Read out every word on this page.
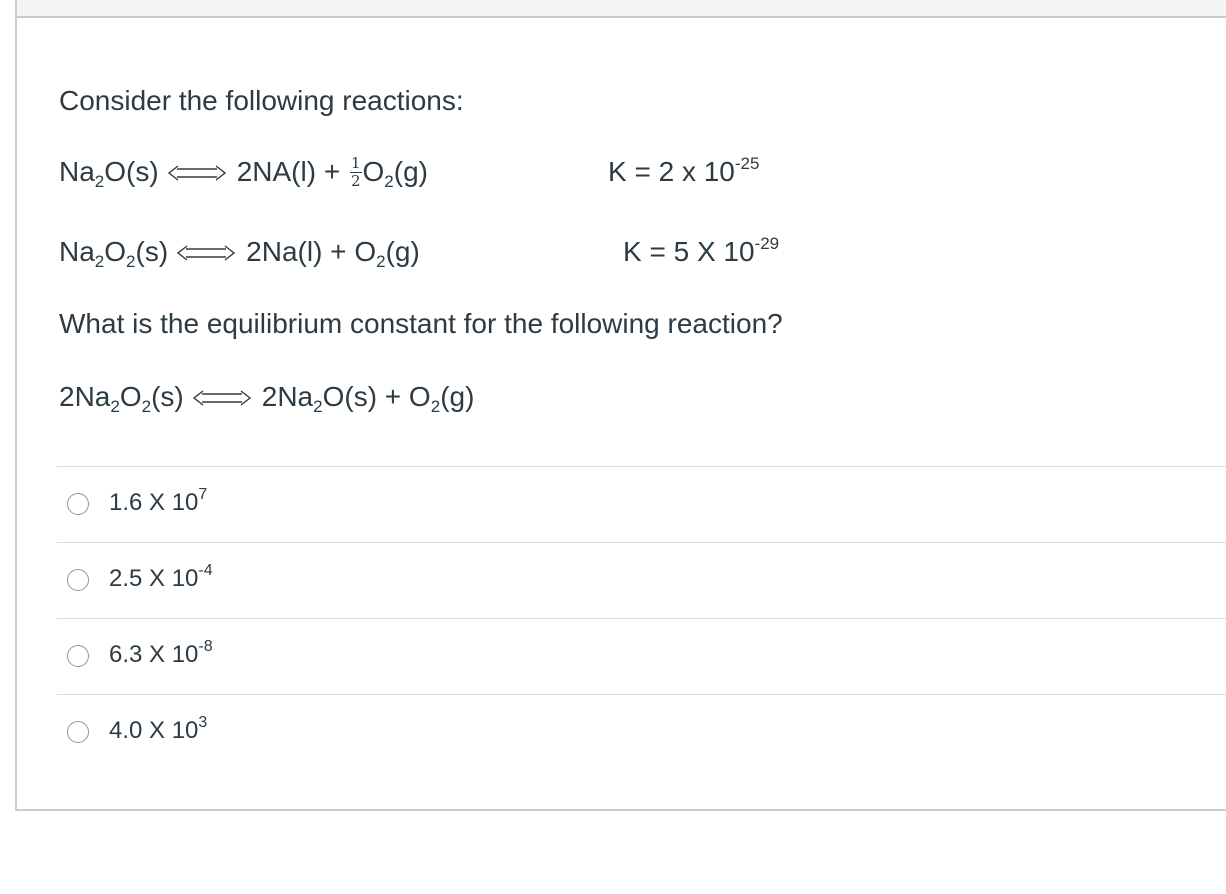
Consider the following reactions:
$Na_2O(s)$ ⇌ $2NA(l) + \frac{1}{2} O_2(g)$	K = 2 x $10^{-25}$
$Na_2O_2(s)$ ⇌ $2Na(l) + O_2(g)$	K = 5 X $10^{-29}$
What is the equilibrium constant for the following reaction?
$2Na_2O_2(s)$ ⇌ $2Na_2O(s) + O_2(g)$
1.6 X $10^7$
2.5 X $10^{-4}$
6.3 X $10^{-8}$
4.0 X $10^3$
